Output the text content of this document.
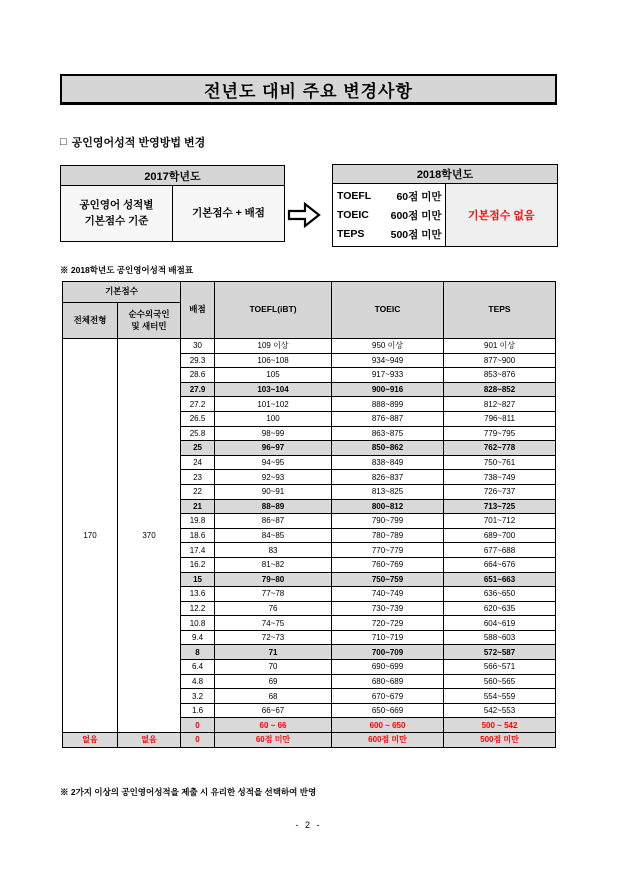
전년도 대비 주요 변경사항
□ 공인영어성적 반영방법 변경
2017학년도
공인영어 성적별
기본점수 기준	기본점수 + 배점
2018학년도

TOEFL	60점 미만
TOEIC	600점 미만
TEPS	500점 미만
	기본점수 없음
※ 2018학년도 공인영어성적 배점표
기본점수		배점	TOEFL(iBT)	TOEIC	TEPS
전체전형	순수외국인
및 새터민				
170	370	30	109 이상	950 이상	901 이상
		29.3	106~108	934~949	877~900
		28.6	105	917~933	853~876
		27.9	103~104	900~916	828~852
		27.2	101~102	888~899	812~827
		26.5	100	876~887	796~811
		25.8	98~99	863~875	779~795
		25	96~97	850~862	762~778
		24	94~95	838~849	750~761
		23	92~93	826~837	738~749
		22	90~91	813~825	726~737
		21	88~89	800~812	713~725
		19.8	86~87	790~799	701~712
		18.6	84~85	780~789	689~700
		17.4	83	770~779	677~688
		16.2	81~82	760~769	664~676
		15	79~80	750~759	651~663
		13.6	77~78	740~749	636~650
		12.2	76	730~739	620~635
		10.8	74~75	720~729	604~619
		9.4	72~73	710~719	588~603
		8	71	700~709	572~587
		6.4	70	690~699	566~571
		4.8	69	680~689	560~565
		3.2	68	670~679	554~559
		1.6	66~67	650~669	542~553
		0	60 ~ 66	600 ~ 650	500 ~ 542
없음	없음	0	60점 미만	600점 미만	500점 미만
※ 2가지 이상의 공인영어성적을 제출 시 유리한 성적을 선택하여 반영
- 2 -
